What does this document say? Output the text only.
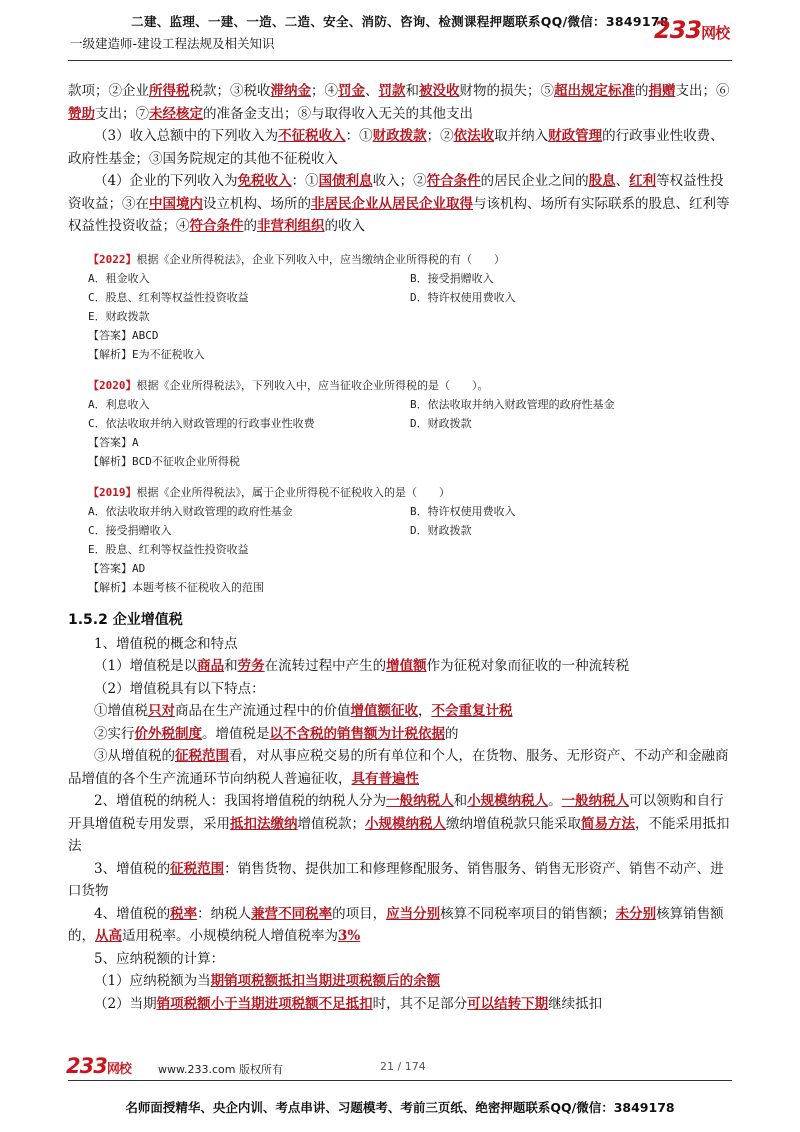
二建、监理、一建、一造、二造、安全、消防、咨询、检测课程押题联系QQ/微信：3849178
一级建造师-建设工程法规及相关知识	233网校

款项；②企业所得税税款；③税收滞纳金；④罚金、罚款和被没收财物的损失；⑤超出规定标准的捐赠支出；⑥赞助支出；⑦未经核定的准备金支出；⑧与取得收入无关的其他支出

（3）收入总额中的下列收入为不征税收入：①财政拨款；②依法收取并纳入财政管理的行政事业性收费、政府性基金；③国务院规定的其他不征税收入

（4）企业的下列收入为免税收入：①国债利息收入；②符合条件的居民企业之间的股息、红利等权益性投资收益；③在中国境内设立机构、场所的非居民企业从居民企业取得与该机构、场所有实际联系的股息、红利等权益性投资收益；④符合条件的非营利组织的收入

【2022】根据《企业所得税法》，企业下列收入中，应当缴纳企业所得税的有（　　）
A．租金收入	B．接受捐赠收入
C．股息、红利等权益性投资收益	D．特许权使用费收入
E．财政拨款
【答案】ABCD
【解析】E为不征税收入
【2020】根据《企业所得税法》，下列收入中，应当征收企业所得税的是（　　）。
A．利息收入	B．依法收取并纳入财政管理的政府性基金
C．依法收取并纳入财政管理的行政事业性收费	D．财政拨款
【答案】A
【解析】BCD不征收企业所得税
【2019】根据《企业所得税法》，属于企业所得税不征税收入的是（　　）
A．依法收取并纳入财政管理的政府性基金	B．特许权使用费收入
C．接受捐赠收入	D．财政拨款
E．股息、红利等权益性投资收益
【答案】AD
【解析】本题考核不征税收入的范围
1.5.2 企业增值税

1、增值税的概念和特点

（1）增值税是以商品和劳务在流转过程中产生的增值额作为征税对象而征收的一种流转税

（2）增值税具有以下特点：

①增值税只对商品在生产流通过程中的价值增值额征收，不会重复计税

②实行价外税制度。增值税是以不含税的销售额为计税依据的

③从增值税的征税范围看，对从事应税交易的所有单位和个人，在货物、服务、无形资产、不动产和金融商品增值的各个生产流通环节向纳税人普遍征收，具有普遍性

2、增值税的纳税人：我国将增值税的纳税人分为一般纳税人和小规模纳税人。一般纳税人可以领购和自行开具增值税专用发票，采用抵扣法缴纳增值税款；小规模纳税人缴纳增值税款只能采取简易方法，不能采用抵扣法

3、增值税的征税范围：销售货物、提供加工和修理修配服务、销售服务、销售无形资产、销售不动产、进口货物

4、增值税的税率：纳税人兼营不同税率的项目，应当分别核算不同税率项目的销售额；未分别核算销售额的，从高适用税率。小规模纳税人增值税率为3%

5、应纳税额的计算：

（1）应纳税额为当期销项税额抵扣当期进项税额后的余额

（2）当期销项税额小于当期进项税额不足抵扣时，其不足部分可以结转下期继续抵扣

233网校 www.233.com 版权所有	21 / 174
名师面授精华、央企内训、考点串讲、习题模考、考前三页纸、绝密押题联系QQ/微信：3849178
